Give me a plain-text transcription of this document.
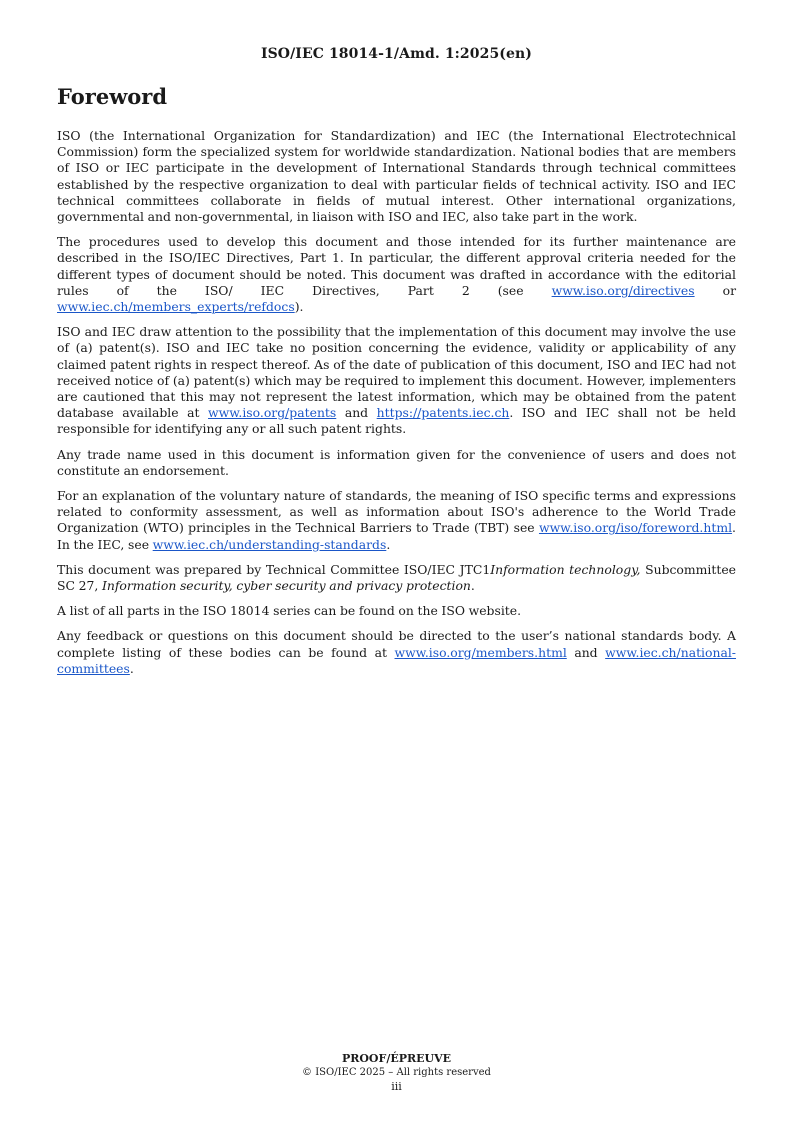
ISO/IEC 18014-1/Amd. 1:2025(en)
Foreword

ISO (the International Organization for Standardization) and IEC (the International Electrotechnical Commission) form the specialized system for worldwide standardization. National bodies that are members of ISO or IEC participate in the development of International Standards through technical committees established by the respective organization to deal with particular fields of technical activity. ISO and IEC technical committees collaborate in fields of mutual interest. Other international organizations, governmental and non-governmental, in liaison with ISO and IEC, also take part in the work.

The procedures used to develop this document and those intended for its further maintenance are described in the ISO/IEC Directives, Part 1. In particular, the different approval criteria needed for the different types of document should be noted. This document was drafted in accordance with the editorial rules of the ISO/ IEC Directives, Part 2 (see www.iso.org/directives or www.iec.ch/members_experts/refdocs).

ISO and IEC draw attention to the possibility that the implementation of this document may involve the use of (a) patent(s). ISO and IEC take no position concerning the evidence, validity or applicability of any claimed patent rights in respect thereof. As of the date of publication of this document, ISO and IEC had not received notice of (a) patent(s) which may be required to implement this document. However, implementers are cautioned that this may not represent the latest information, which may be obtained from the patent database available at www.iso.org/patents and https://patents.iec.ch. ISO and IEC shall not be held responsible for identifying any or all such patent rights.

Any trade name used in this document is information given for the convenience of users and does not constitute an endorsement.

For an explanation of the voluntary nature of standards, the meaning of ISO specific terms and expressions related to conformity assessment, as well as information about ISO's adherence to the World Trade Organization (WTO) principles in the Technical Barriers to Trade (TBT) see www.iso.org/iso/foreword.html. In the IEC, see www.iec.ch/understanding-standards.

This document was prepared by Technical Committee ISO/IEC JTC1Information technology, Subcommittee SC 27, Information security, cyber security and privacy protection.

A list of all parts in the ISO 18014 series can be found on the ISO website.

Any feedback or questions on this document should be directed to the user’s national standards body. A complete listing of these bodies can be found at www.iso.org/members.html and www.iec.ch/national-committees.

PROOF/ÉPREUVE
© ISO/IEC 2025 – All rights reserved
iii
